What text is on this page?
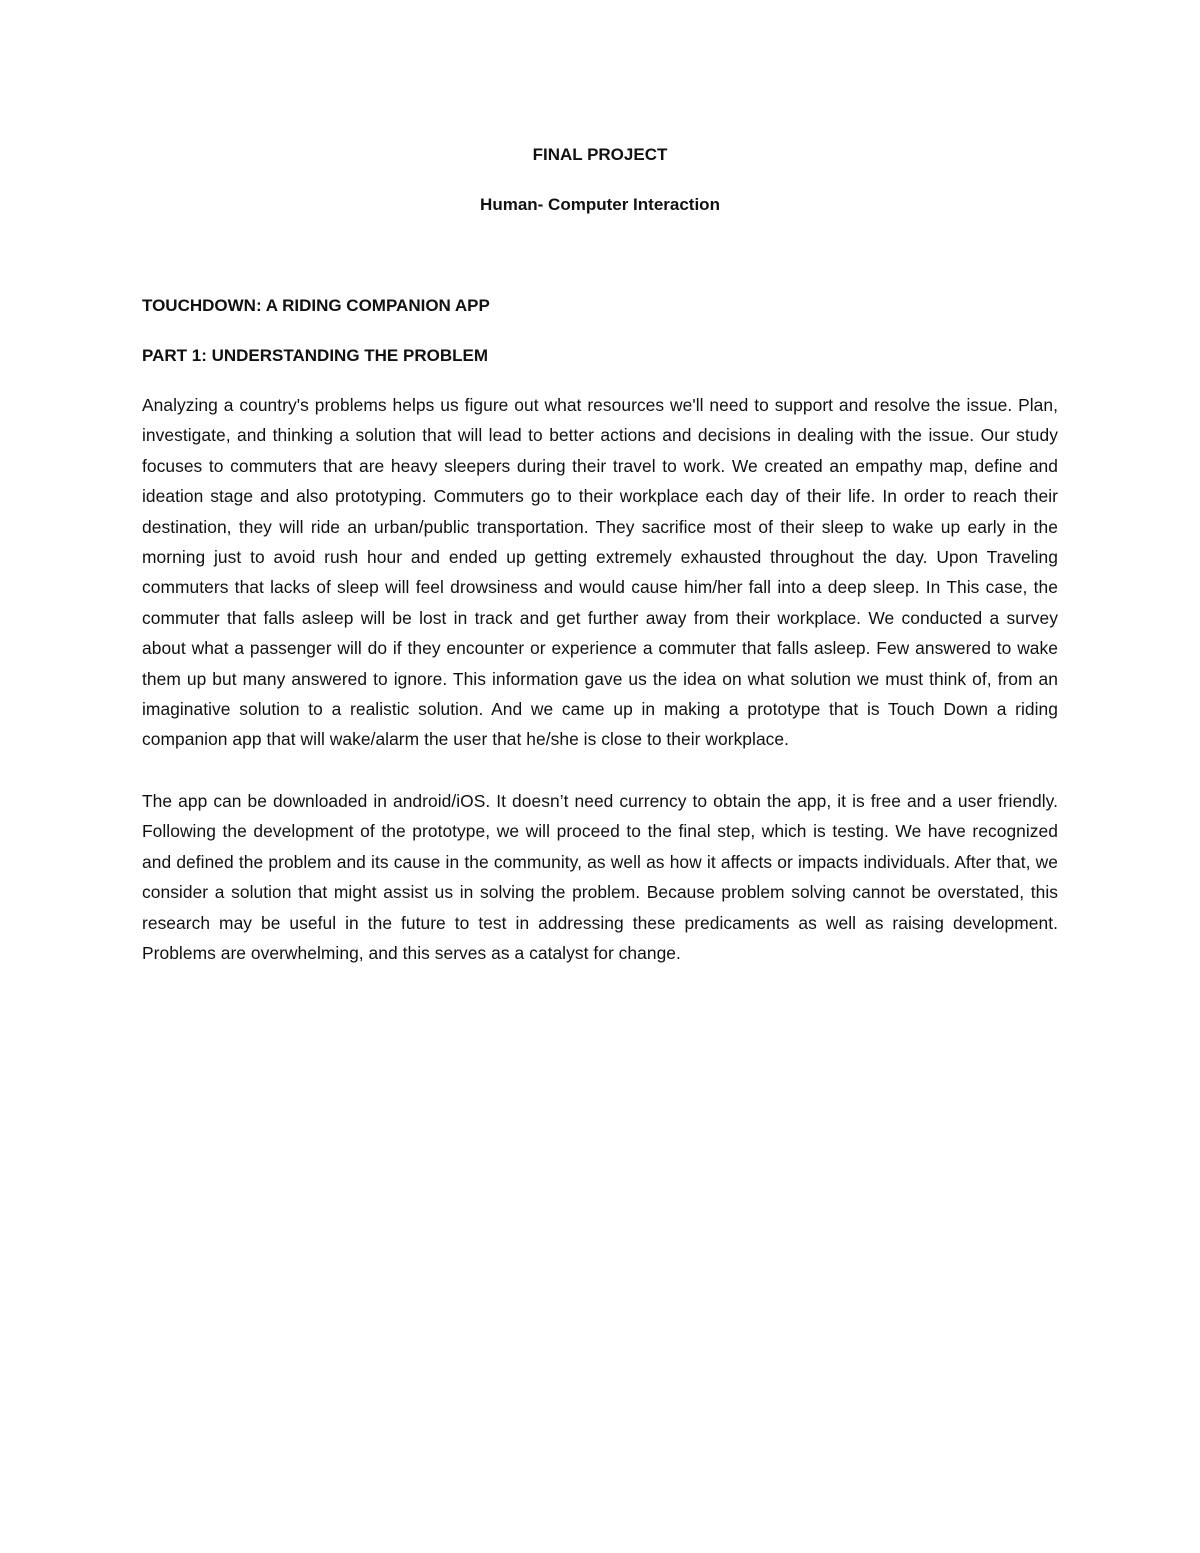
FINAL PROJECT

Human- Computer Interaction

TOUCHDOWN: A RIDING COMPANION APP

PART 1: UNDERSTANDING THE PROBLEM

Analyzing a country's problems helps us figure out what resources we'll need to support and resolve the issue. Plan, investigate, and thinking a solution that will lead to better actions and decisions in dealing with the issue. Our study focuses to commuters that are heavy sleepers during their travel to work. We created an empathy map, define and ideation stage and also prototyping. Commuters go to their workplace each day of their life. In order to reach their destination, they will ride an urban/public transportation. They sacrifice most of their sleep to wake up early in the morning just to avoid rush hour and ended up getting extremely exhausted throughout the day. Upon Traveling commuters that lacks of sleep will feel drowsiness and would cause him/her fall into a deep sleep. In This case, the commuter that falls asleep will be lost in track and get further away from their workplace. We conducted a survey about what a passenger will do if they encounter or experience a commuter that falls asleep. Few answered to wake them up but many answered to ignore. This information gave us the idea on what solution we must think of, from an imaginative solution to a realistic solution. And we came up in making a prototype that is Touch Down a riding companion app that will wake/alarm the user that he/she is close to their workplace.

The app can be downloaded in android/iOS. It doesn’t need currency to obtain the app, it is free and a user friendly. Following the development of the prototype, we will proceed to the final step, which is testing. We have recognized and defined the problem and its cause in the community, as well as how it affects or impacts individuals. After that, we consider a solution that might assist us in solving the problem. Because problem solving cannot be overstated, this research may be useful in the future to test in addressing these predicaments as well as raising development. Problems are overwhelming, and this serves as a catalyst for change.
